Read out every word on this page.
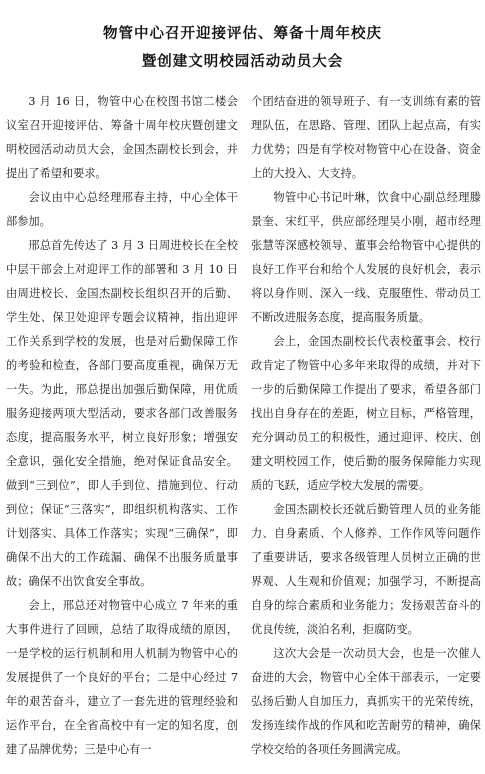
物管中心召开迎接评估、筹备十周年校庆
暨创建文明校园活动动员大会

3 月 16 日，物管中心在校图书馆二楼会议室召开迎接评估、筹备十周年校庆暨创建文明校园活动动员大会，金国杰副校长到会，并提出了希望和要求。

会议由中心总经理邢春主持，中心全体干部参加。

邢总首先传达了 3 月 3 日周进校长在全校中层干部会上对迎评工作的部署和 3 月 10 日由周进校长、金国杰副校长组织召开的后勤、学生处、保卫处迎评专题会议精神，指出迎评工作关系到学校的发展，也是对后勤保障工作的考验和检查，各部门要高度重视，确保万无一失。为此，邢总提出加强后勤保障，用优质服务迎接两项大型活动，要求各部门改善服务态度，提高服务水平，树立良好形象；增强安全意识，强化安全措施，绝对保证食品安全。做到“三到位”，即人手到位、措施到位、行动到位；保证“三落实”，即组织机构落实、工作计划落实、具体工作落实；实现“三确保”，即确保不出大的工作疏漏、确保不出服务质量事故；确保不出饮食安全事故。

会上，邢总还对物管中心成立 7 年来的重大事件进行了回顾，总结了取得成绩的原因，一是学校的运行机制和用人机制为物管中心的发展提供了一个良好的平台；二是中心经过 7 年的艰苦奋斗，建立了一套先进的管理经验和运作平台，在全省高校中有一定的知名度，创建了品牌优势；三是中心有一

个团结奋进的领导班子、有一支训练有素的管理队伍，在思路、管理、团队上起点高，有实力优势；四是有学校对物管中心在设备、资金上的大投入、大支持。

物管中心书记叶琳，饮食中心副总经理滕景奎、宋红平，供应部经理吴小刚，超市经理张慧等深感校领导、董事会给物管中心提供的良好工作平台和给个人发展的良好机会，表示将以身作则、深入一线、克服堕性、带动员工不断改进服务态度，提高服务质量。

会上，金国杰副校长代表校董事会、校行政肯定了物管中心多年来取得的成绩，并对下一步的后勤保障工作提出了要求，希望各部门找出自身存在的差距，树立目标，严格管理，充分调动员工的积极性，通过迎评、校庆、创建文明校园工作，使后勤的服务保障能力实现质的飞跃，适应学校大发展的需要。

金国杰副校长还就后勤管理人员的业务能力、自身素质、个人修养、工作作风等问题作了重要讲话，要求各级管理人员树立正确的世界观、人生观和价值观；加强学习，不断提高自身的综合素质和业务能力；发扬艰苦奋斗的优良传统，淡泊名利，拒腐防变。

这次大会是一次动员大会，也是一次催人奋进的大会，物管中心全体干部表示，一定要弘扬后勤人自加压力，真抓实干的光荣传统，发扬连续作战的作风和吃苦耐劳的精神，确保学校交给的各项任务圆满完成。
